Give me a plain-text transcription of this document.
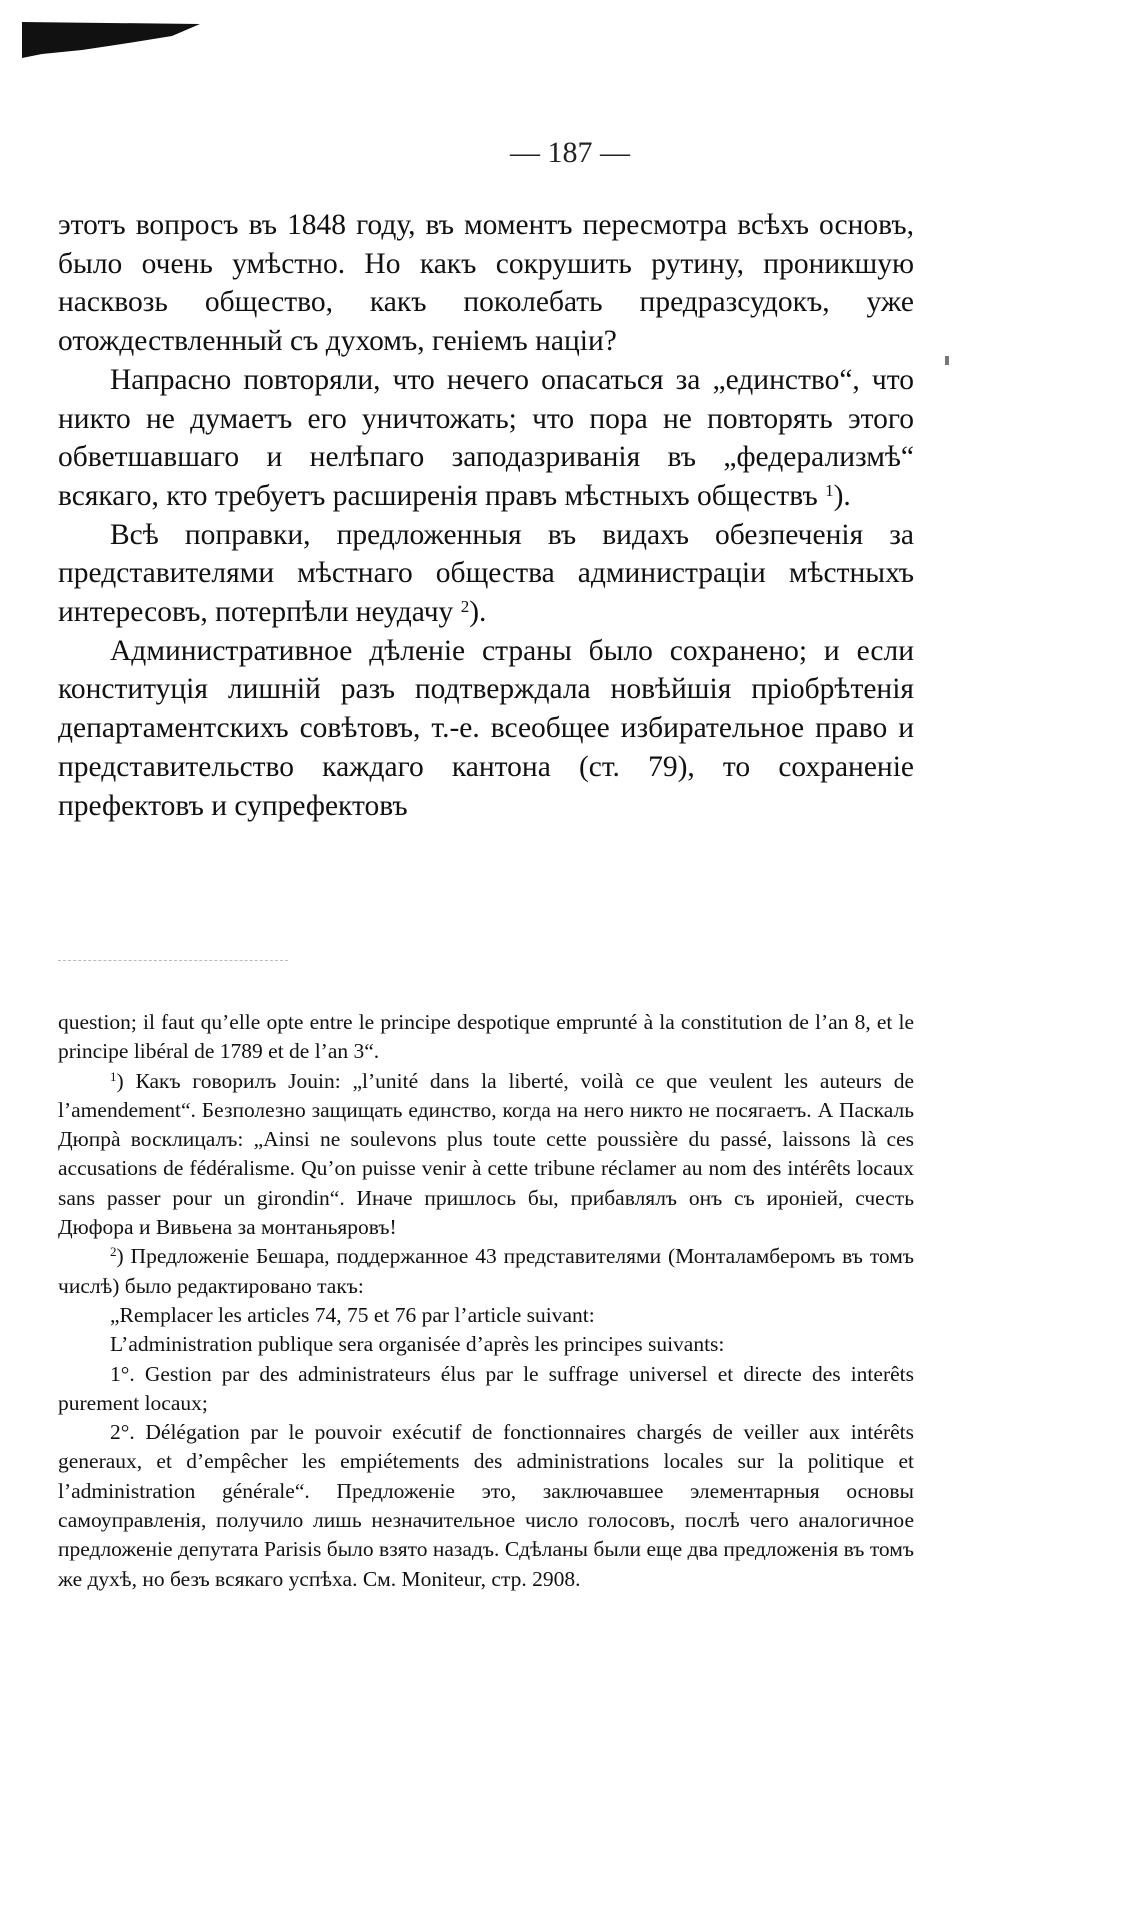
— 187 —

этотъ вопросъ въ 1848 году, въ моментъ пересмотра всѣхъ основъ, было очень умѣстно. Но какъ сокрушить рутину, проникшую насквозь общество, какъ поколебать предразсудокъ, уже отождествленный съ духомъ, геніемъ націи?

Напрасно повторяли, что нечего опасаться за „единство“, что никто не думаетъ его уничтожать; что пора не повторять этого обветшавшаго и нелѣпаго заподазриванія въ „федерализмѣ“ всякаго, кто требуетъ расширенія правъ мѣстныхъ обществъ $^1$).

Всѣ поправки, предложенныя въ видахъ обезпеченія за представителями мѣстнаго общества администраціи мѣстныхъ интересовъ, потерпѣли неудачу $^2$).

Административное дѣленіе страны было сохранено; и если конституція лишній разъ подтверждала новѣйшія пріобрѣтенія департаментскихъ совѣтовъ, т.-е. всеобщее избирательное право и представительство каждаго кантона (ст. 79), то сохраненіе префектовъ и супрефектовъ

question; il faut qu’elle opte entre le principe despotique emprunté à la constitution de l’an 8, et le principe libéral de 1789 et de l’an 3“.

$^1$) Какъ говорилъ Jouin: „l’unité dans la liberté, voilà ce que veulent les auteurs de l’amendement“. Безполезно защищать единство, когда на него никто не посягаетъ. А Паскаль Дюпрà восклицалъ: „Ainsi ne soulevons plus toute cette poussière du passé, laissons là ces accusations de fédéralisme. Qu’on puisse venir à cette tribune réclamer au nom des intérêts locaux sans passer pour un girondin“. Иначе пришлось бы, прибавлялъ онъ съ ироніей, счесть Дюфора и Вивьена за монтаньяровъ!

$^2$) Предложеніе Бешара, поддержанное 43 представителями (Монталамберомъ въ томъ числѣ) было редактировано такъ:

„Remplacer les articles 74, 75 et 76 par l’article suivant:

L’administration publique sera organisée d’après les principes suivants:

1°. Gestion par des administrateurs élus par le suffrage universel et directe des interêts purement locaux;

2°. Délégation par le pouvoir exécutif de fonctionnaires chargés de veiller aux intérêts generaux, et d’empêcher les empiétements des administrations locales sur la politique et l’administration générale“. Предложеніе это, заключавшее элементарныя основы самоуправленія, получило лишь незначительное число голосовъ, послѣ чего аналогичное предложеніе депутата Parisis было взято назадъ. Сдѣланы были еще два предложенія въ томъ же духѣ, но безъ всякаго успѣха. См. Moniteur, стр. 2908.
